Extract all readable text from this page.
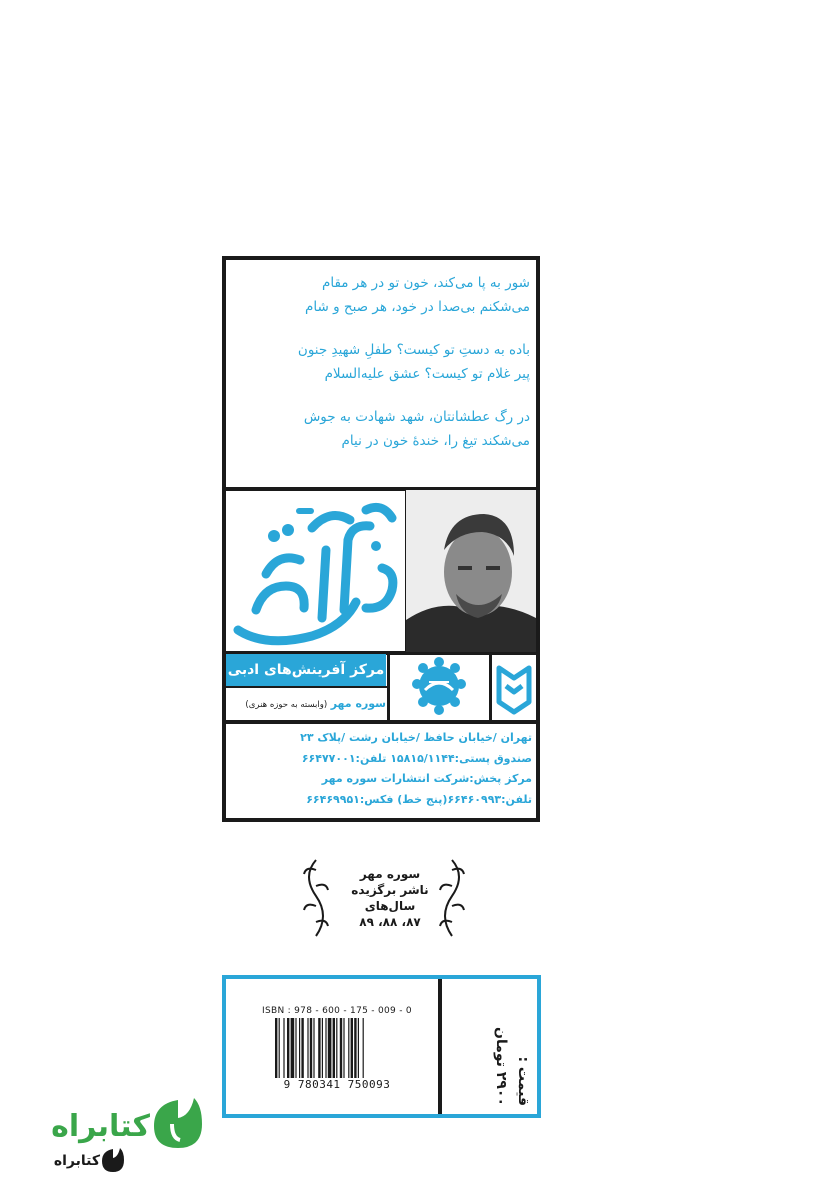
شور به پا می‌کند، خون تو در هر مقام
می‌شکنم بی‌صدا در خود، هر صبح و شام
باده به دستِ تو کیست؟ طفلِ شهیدِ جنون
پیر غلام تو کیست؟ عشق علیه‌السلام
در رگ عطشانتان، شهد شهادت به جوش
می‌شکند تیغ را، خندهٔ خون در نیام
مرکز آفرینش‌های ادبی
سوره مهر (وابسته به حوزه هنری)
تهران /خیابان حافظ /خیابان رشت /پلاک ۲۳
صندوق پستی:۱۵۸۱۵/۱۱۴۴ تلفن:۶۶۴۷۷۰۰۱
مرکز پخش:شرکت انتشارات سوره مهر
تلفن:۶۶۴۶۰۹۹۳(پنج خط) فکس:۶۶۴۶۹۹۵۱
سوره مهر
ناشر برگزیده سال‌های
۸۷، ۸۸، ۸۹
ISBN : 978 - 600 - 175 - 009 - 0
9 780341 750093	قیمت :
۲۹۰۰ تومان
کتابراه
کتابراه
